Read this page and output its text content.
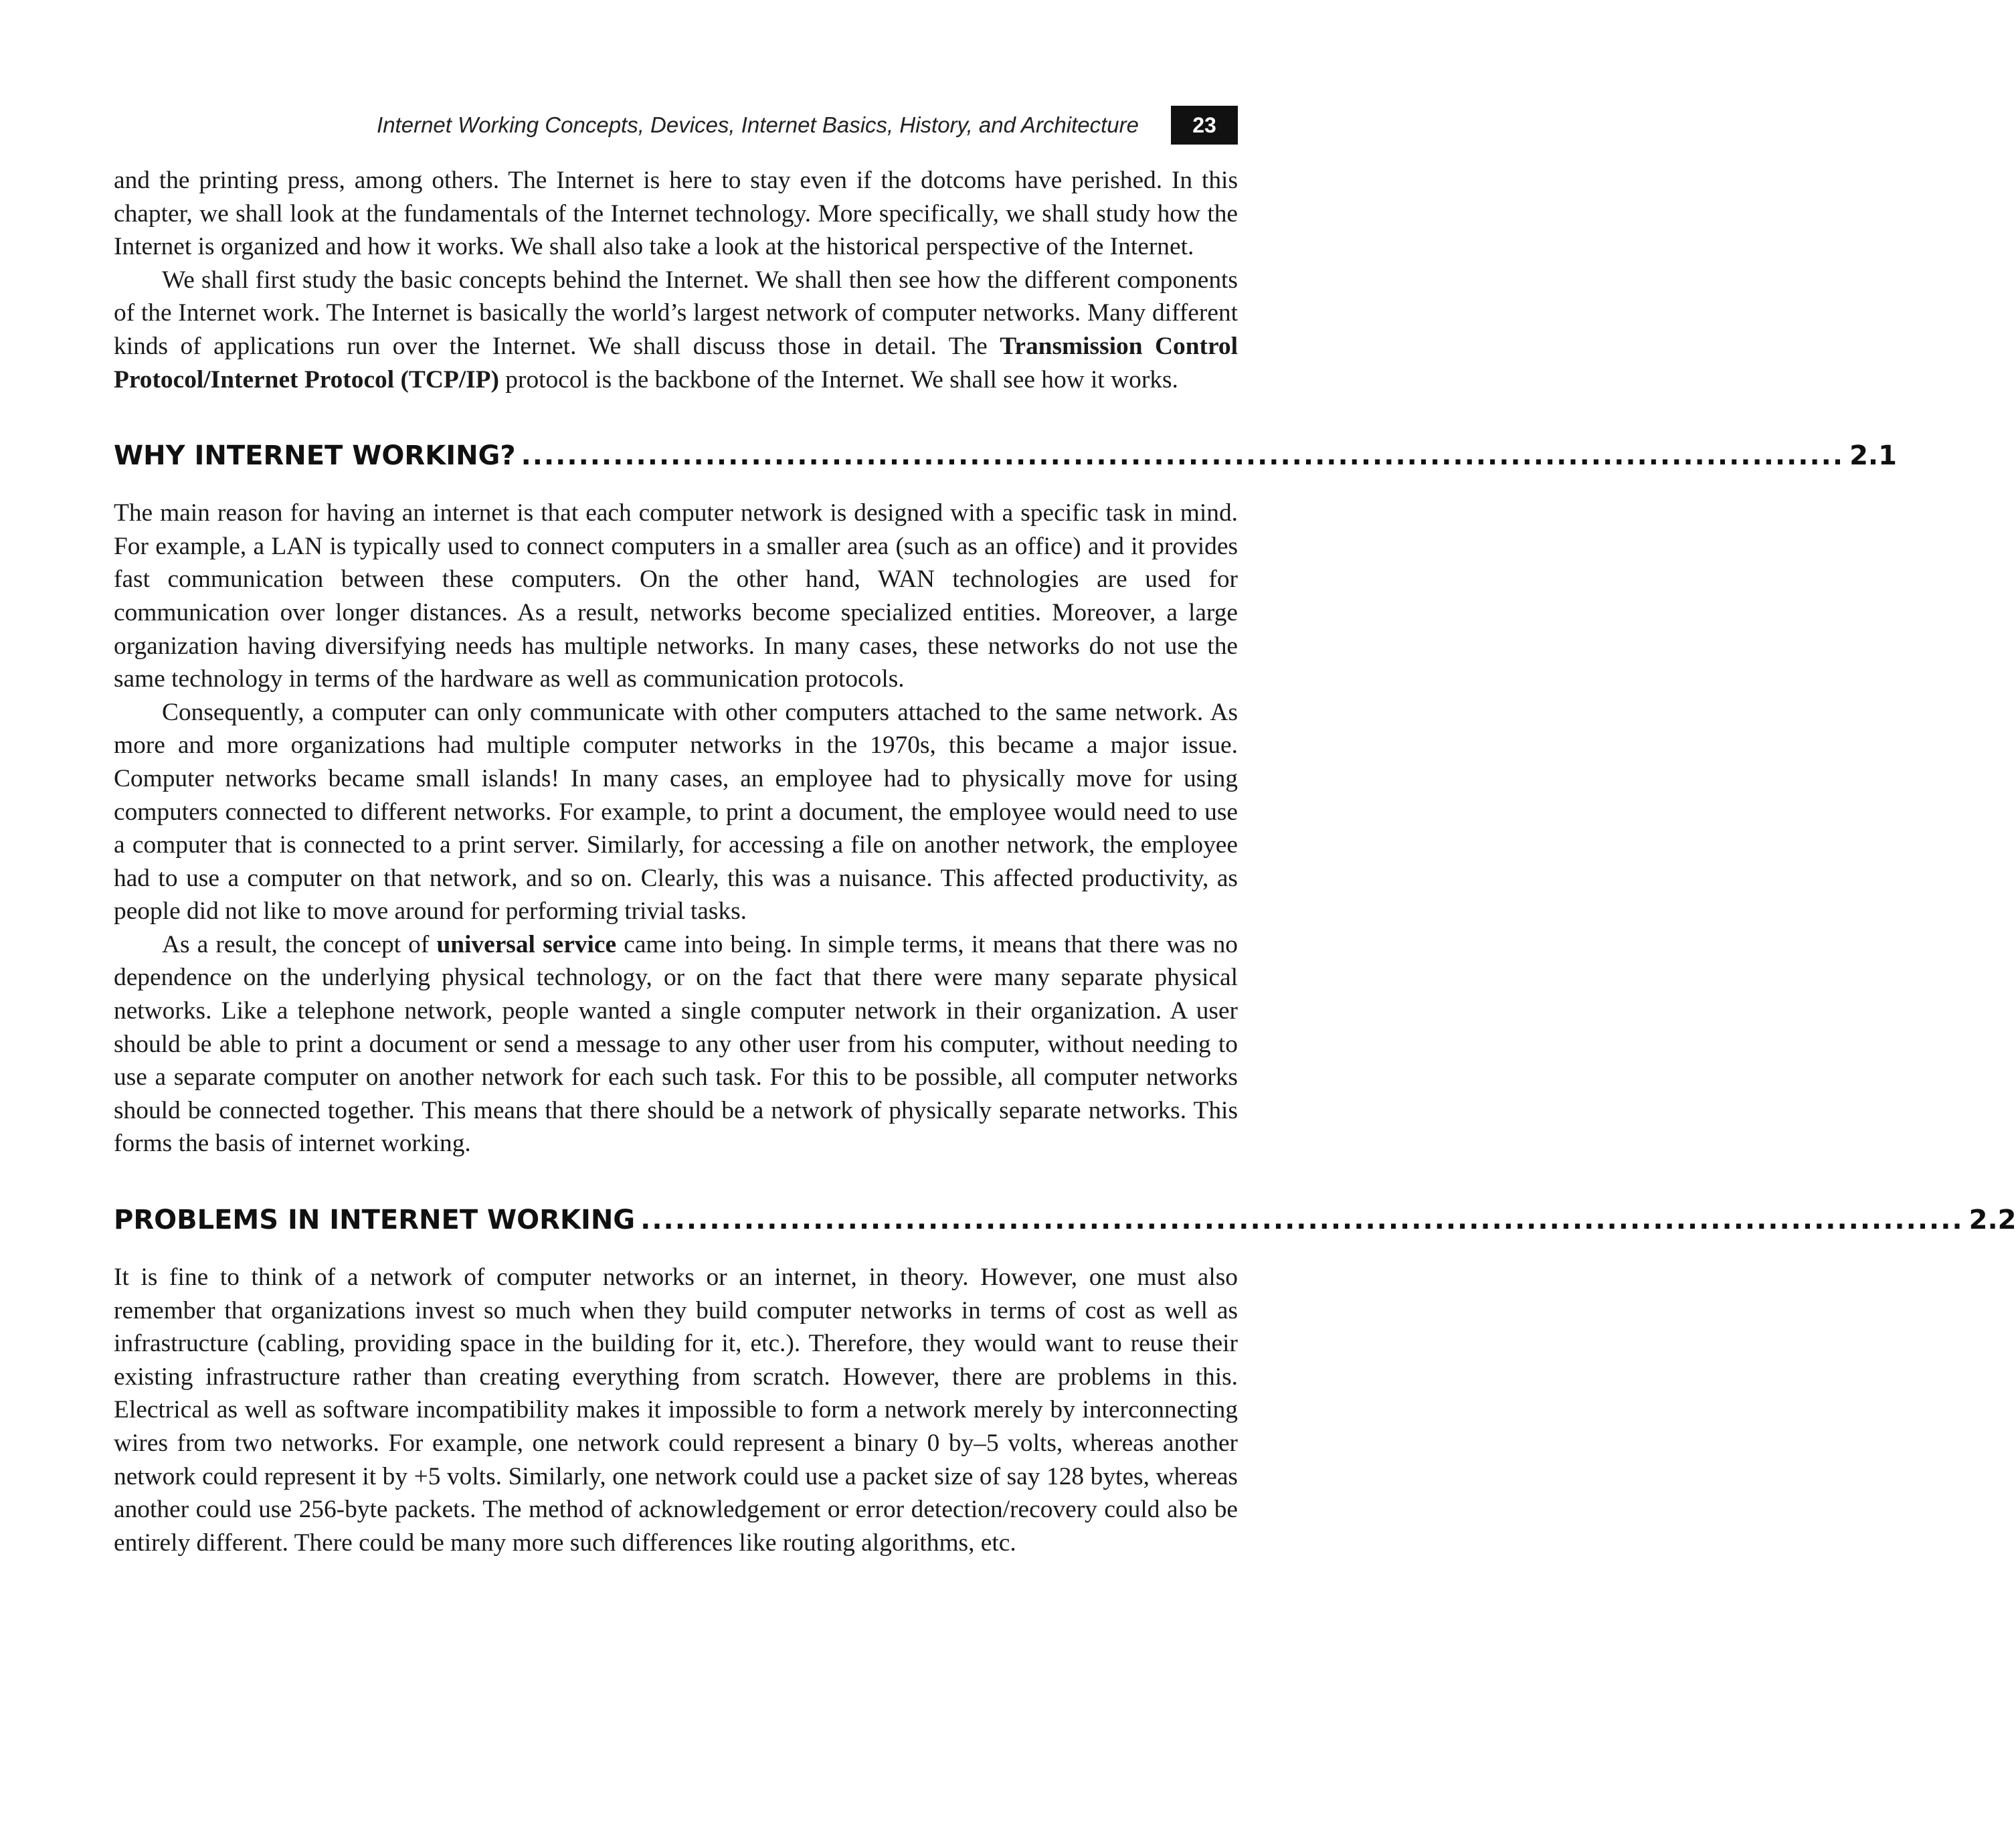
Internet Working Concepts, Devices, Internet Basics, History, and Architecture	23

and the printing press, among others. The Internet is here to stay even if the dotcoms have perished. In this chapter, we shall look at the fundamentals of the Internet technology. More specifically, we shall study how the Internet is organized and how it works. We shall also take a look at the historical perspective of the Internet.

We shall first study the basic concepts behind the Internet. We shall then see how the different components of the Internet work. The Internet is basically the world’s largest network of computer networks. Many different kinds of applications run over the Internet. We shall discuss those in detail. The Transmission Control Protocol/Internet Protocol (TCP/IP) protocol is the backbone of the Internet. We shall see how it works.

WHY INTERNET WORKING? ................................................................................................................... 2.1

The main reason for having an internet is that each computer network is designed with a specific task in mind. For example, a LAN is typically used to connect computers in a smaller area (such as an office) and it provides fast communication between these computers. On the other hand, WAN technologies are used for communication over longer distances. As a result, networks become specialized entities. Moreover, a large organization having diversifying needs has multiple networks. In many cases, these networks do not use the same technology in terms of the hardware as well as communication protocols.

Consequently, a computer can only communicate with other computers attached to the same network. As more and more organizations had multiple computer networks in the 1970s, this became a major issue. Computer networks became small islands! In many cases, an employee had to physically move for using computers connected to different networks. For example, to print a document, the employee would need to use a computer that is connected to a print server. Similarly, for accessing a file on another network, the employee had to use a computer on that network, and so on. Clearly, this was a nuisance. This affected productivity, as people did not like to move around for performing trivial tasks.

As a result, the concept of universal service came into being. In simple terms, it means that there was no dependence on the underlying physical technology, or on the fact that there were many separate physical networks. Like a telephone network, people wanted a single computer network in their organization. A user should be able to print a document or send a message to any other user from his computer, without needing to use a separate computer on another network for each such task. For this to be possible, all computer networks should be connected together. This means that there should be a network of physically separate networks. This forms the basis of internet working.

PROBLEMS IN INTERNET WORKING ................................................................................................................... 2.2

It is fine to think of a network of computer networks or an internet, in theory. However, one must also remember that organizations invest so much when they build computer networks in terms of cost as well as infrastructure (cabling, providing space in the building for it, etc.). Therefore, they would want to reuse their existing infrastructure rather than creating everything from scratch. However, there are problems in this. Electrical as well as software incompatibility makes it impossible to form a network merely by interconnecting wires from two networks. For example, one network could represent a binary 0 by–5 volts, whereas another network could represent it by +5 volts. Similarly, one network could use a packet size of say 128 bytes, whereas another could use 256-byte packets. The method of acknowledgement or error detection/recovery could also be entirely different. There could be many more such differences like routing algorithms, etc.
